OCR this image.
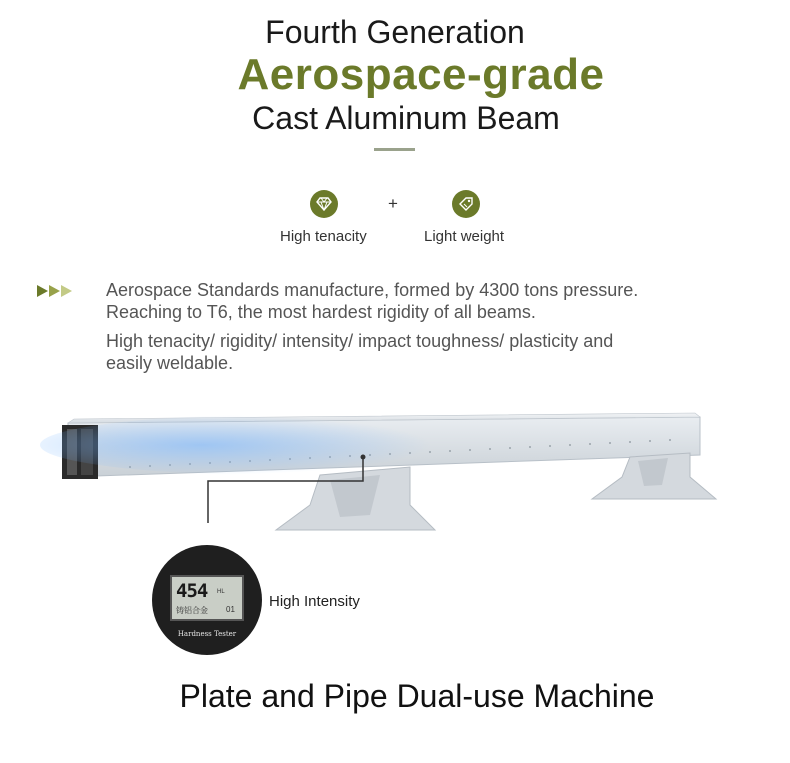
Fourth Generation
Aerospace-grade
Cast Aluminum Beam
High tenacity
+
Light weight
Aerospace Standards manufacture, formed by 4300 tons pressure.
Reaching to T6, the most hardest rigidity of all beams.
High tenacity/ rigidity/ intensity/ impact toughness/ plasticity and
easily weldable.
454 HL
铸铝合金 01
Hardness Tester
High Intensity
Plate and Pipe Dual-use Machine
